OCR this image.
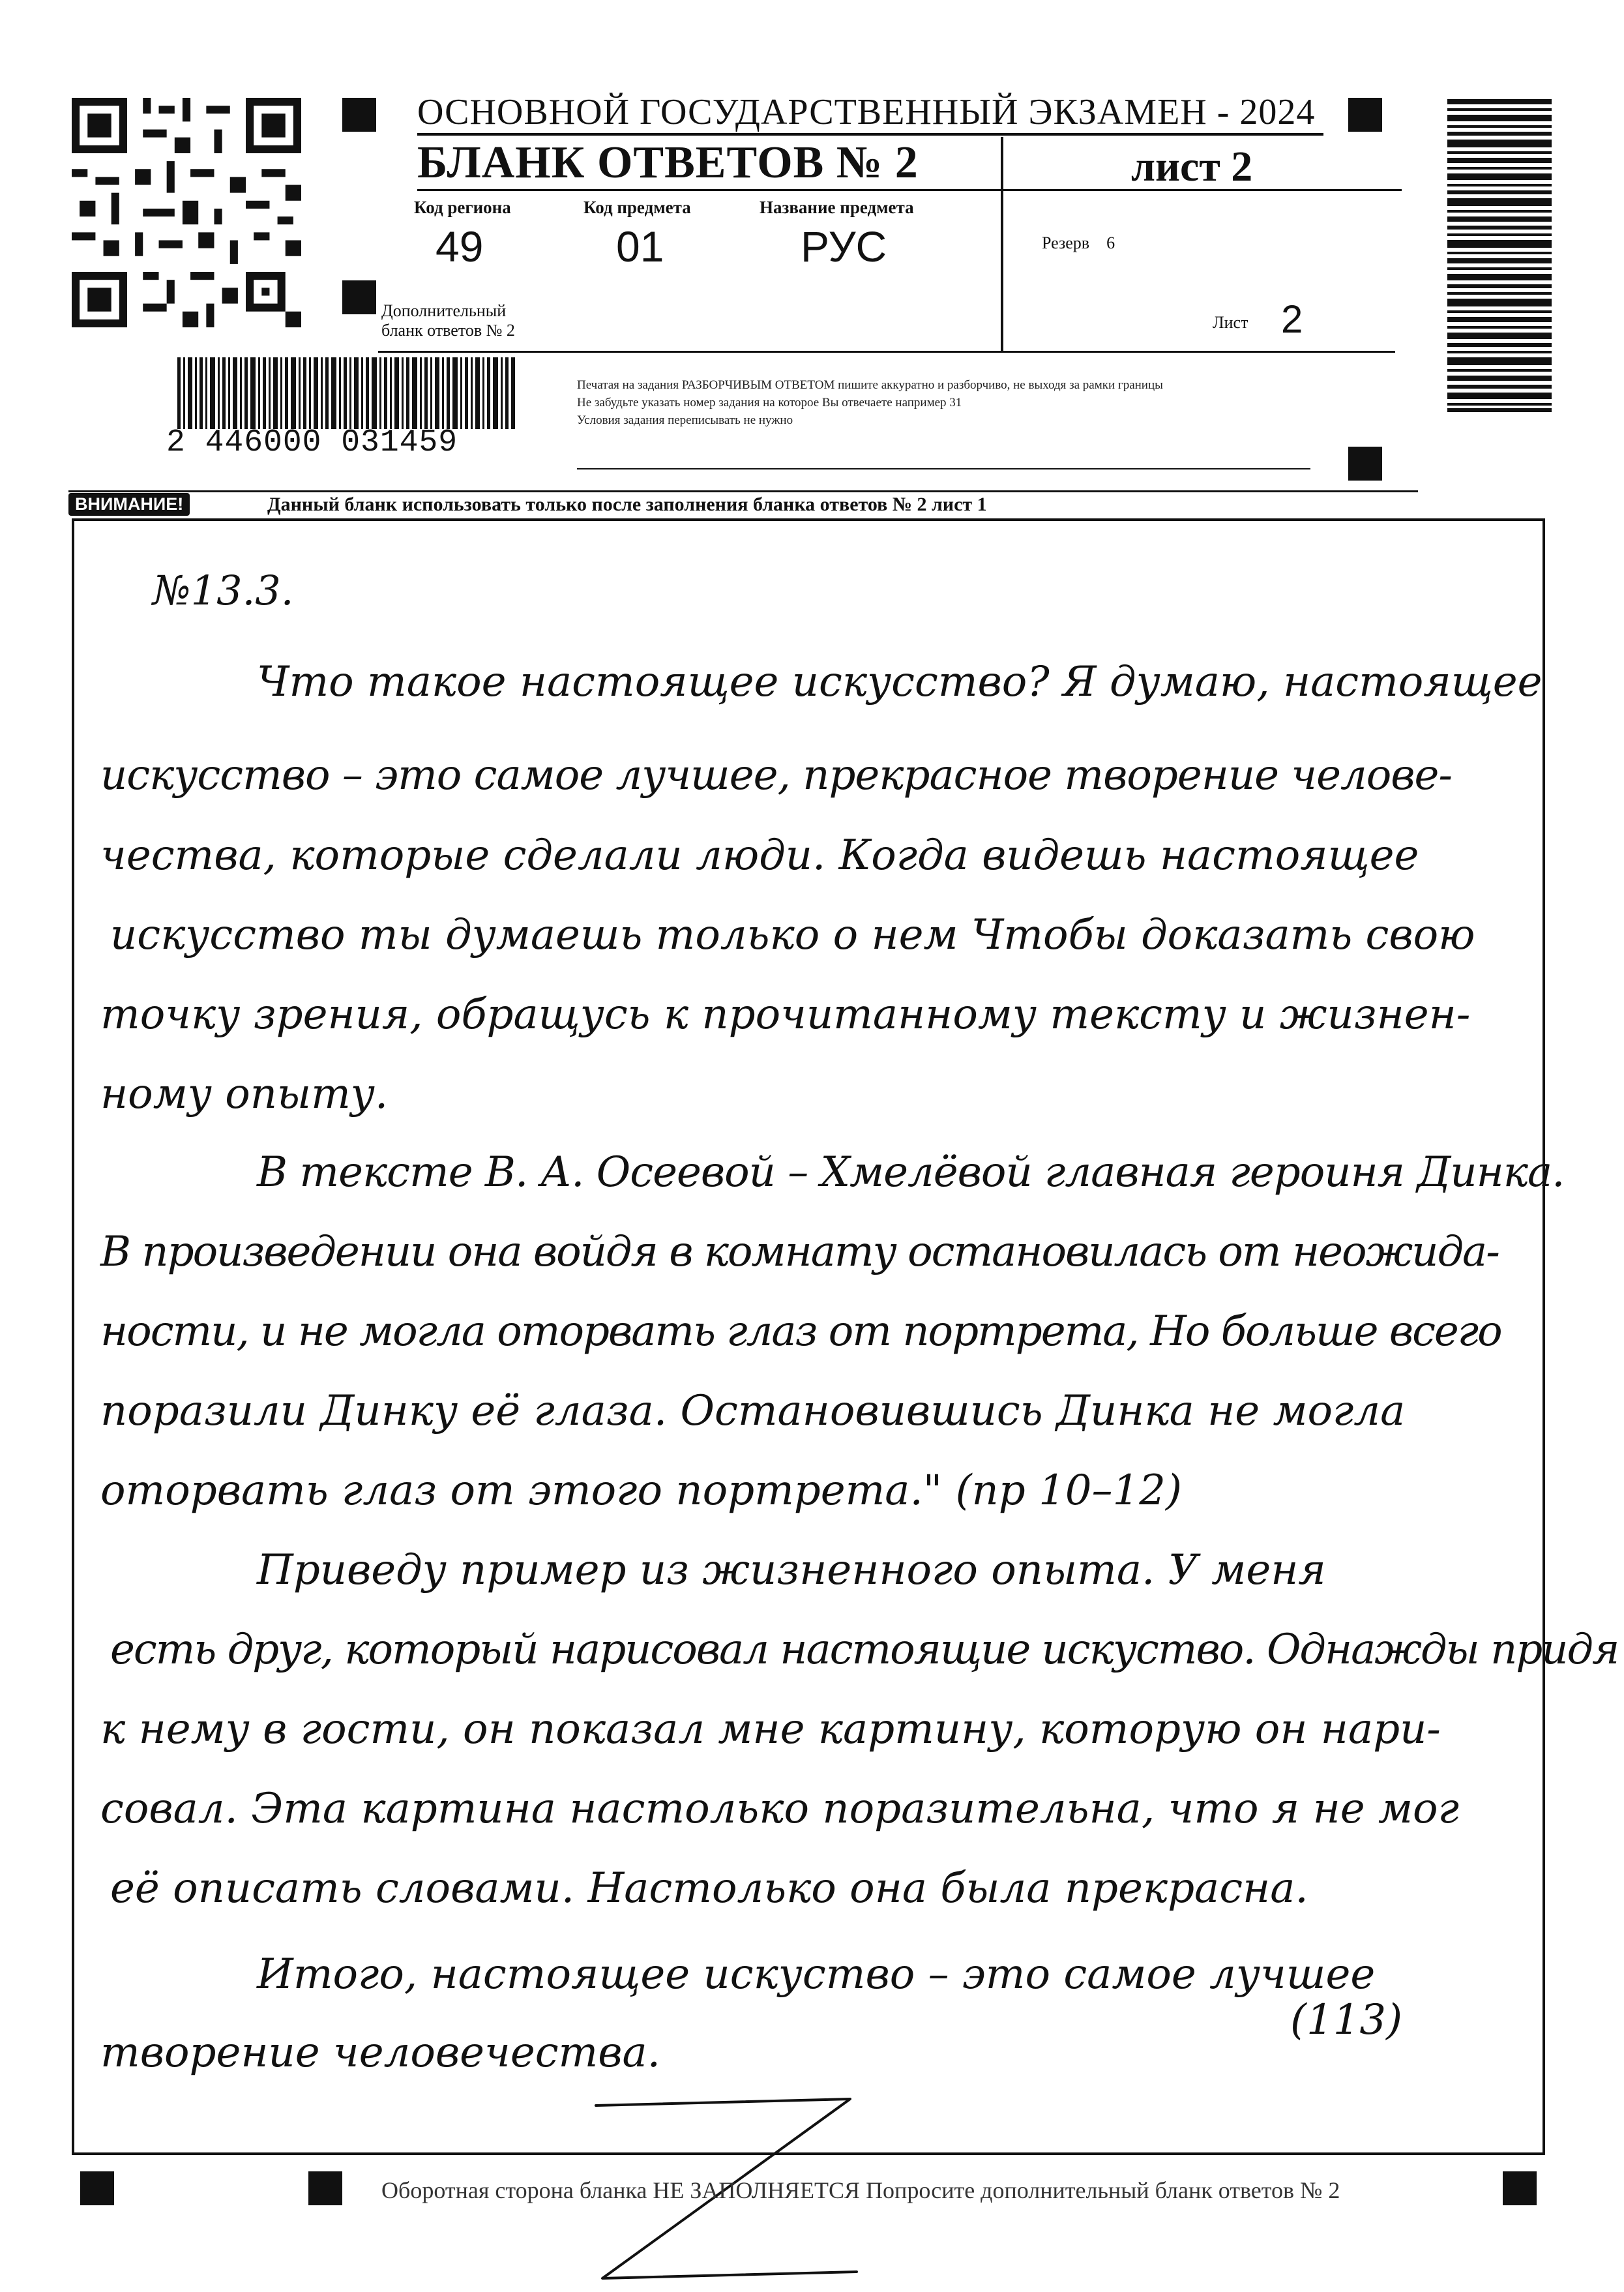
ОСНОВНОЙ ГОСУДАРСТВЕННЫЙ ЭКЗАМЕН - 2024
БЛАНК ОТВЕТОВ № 2	лист 2
Код региона
49
Код предмета
01
Название предмета
РУС	Резерв 6
Дополнительный
бланк ответов № 2	Лист 2
Печатая на задания РАЗБОРЧИВЫМ ОТВЕТОМ пишите аккуратно и разборчиво, не выходя за рамки границы
Не забудьте указать номер задания на которое Вы отвечаете например 31
Условия задания переписывать не нужно
2 446000 031459
ВНИМАНИЕ!	Данный бланк использовать только после заполнения бланка ответов № 2 лист 1
№13.3.
Что такое настоящее искусство? Я думаю, настоящее
искусство – это самое лучшее, прекрасное творение челове-
чества, которые сделали люди. Когда видешь настоящее
искусство ты думаешь только о нем Чтобы доказать свою
точку зрения, обращусь к прочитанному тексту и жизнен-
ному опыту.
В тексте В. А. Осеевой – Хмелёвой главная героиня Динка.
В произведении она войдя в комнату остановилась от неожида-
ности, и не могла оторвать глаз от портрета, Но больше всего
поразили Динку её глаза. Остановившись Динка не могла
оторвать глаз от этого портрета." (пр 10–12)
Приведу пример из жизненного опыта. У меня
есть друг, который нарисовал настоящие искуство. Однажды придя
к нему в гости, он показал мне картину, которую он нари-
совал. Эта картина настолько поразительна, что я не мог
её описать словами. Настолько она была прекрасна.
Итого, настоящее искуство – это самое лучшее
творение человечества.
(113)
Оборотная сторона бланка НЕ ЗАПОЛНЯЕТСЯ Попросите дополнительный бланк ответов № 2
